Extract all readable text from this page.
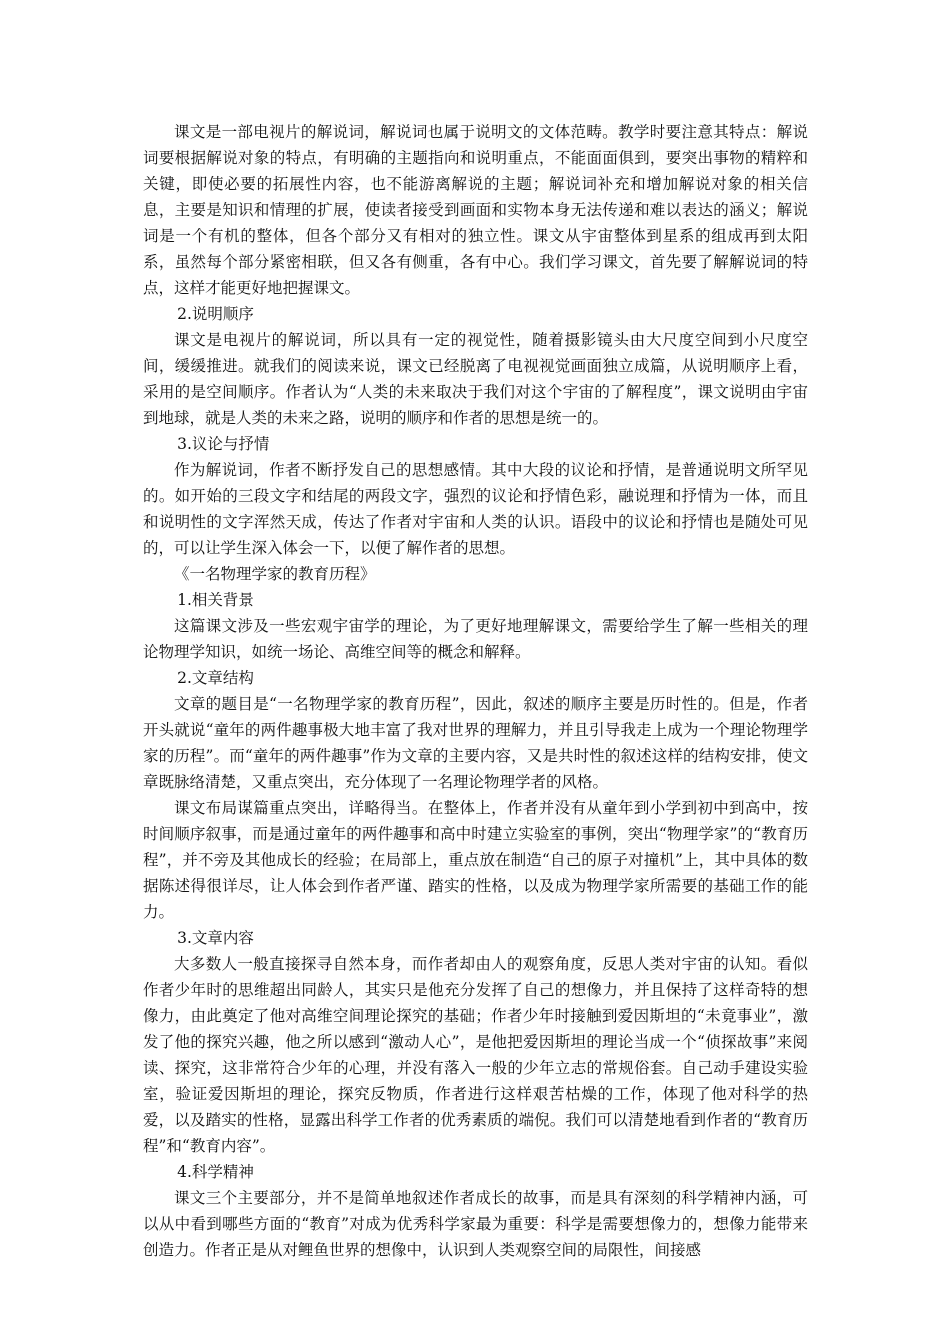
课文是一部电视片的解说词，解说词也属于说明文的文体范畴。教学时要注意其特点：解说词要根据解说对象的特点，有明确的主题指向和说明重点，不能面面俱到，要突出事物的精粹和关键，即使必要的拓展性内容，也不能游离解说的主题；解说词补充和增加解说对象的相关信息，主要是知识和情理的扩展，使读者接受到画面和实物本身无法传递和难以表达的涵义；解说词是一个有机的整体，但各个部分又有相对的独立性。课文从宇宙整体到星系的组成再到太阳系，虽然每个部分紧密相联，但又各有侧重，各有中心。我们学习课文，首先要了解解说词的特点，这样才能更好地把握课文。

2.说明顺序

课文是电视片的解说词，所以具有一定的视觉性，随着摄影镜头由大尺度空间到小尺度空间，缓缓推进。就我们的阅读来说，课文已经脱离了电视视觉画面独立成篇，从说明顺序上看，采用的是空间顺序。作者认为“人类的未来取决于我们对这个宇宙的了解程度”，课文说明由宇宙到地球，就是人类的未来之路，说明的顺序和作者的思想是统一的。

3.议论与抒情

作为解说词，作者不断抒发自己的思想感情。其中大段的议论和抒情，是普通说明文所罕见的。如开始的三段文字和结尾的两段文字，强烈的议论和抒情色彩，融说理和抒情为一体，而且和说明性的文字浑然天成，传达了作者对宇宙和人类的认识。语段中的议论和抒情也是随处可见的，可以让学生深入体会一下，以便了解作者的思想。

《一名物理学家的教育历程》

1.相关背景

这篇课文涉及一些宏观宇宙学的理论，为了更好地理解课文，需要给学生了解一些相关的理论物理学知识，如统一场论、高维空间等的概念和解释。

2.文章结构

文章的题目是“一名物理学家的教育历程”，因此，叙述的顺序主要是历时性的。但是，作者开头就说“童年的两件趣事极大地丰富了我对世界的理解力，并且引导我走上成为一个理论物理学家的历程”。而“童年的两件趣事”作为文章的主要内容，又是共时性的叙述这样的结构安排，使文章既脉络清楚，又重点突出，充分体现了一名理论物理学者的风格。

课文布局谋篇重点突出，详略得当。在整体上，作者并没有从童年到小学到初中到高中，按时间顺序叙事，而是通过童年的两件趣事和高中时建立实验室的事例，突出“物理学家”的“教育历程”，并不旁及其他成长的经验；在局部上，重点放在制造“自己的原子对撞机”上，其中具体的数据陈述得很详尽，让人体会到作者严谨、踏实的性格，以及成为物理学家所需要的基础工作的能力。

3.文章内容

大多数人一般直接探寻自然本身，而作者却由人的观察角度，反思人类对宇宙的认知。看似作者少年时的思维超出同龄人，其实只是他充分发挥了自己的想像力，并且保持了这样奇特的想像力，由此奠定了他对高维空间理论探究的基础；作者少年时接触到爱因斯坦的“未竟事业”，激发了他的探究兴趣，他之所以感到“激动人心”，是他把爱因斯坦的理论当成一个“侦探故事”来阅读、探究，这非常符合少年的心理，并没有落入一般的少年立志的常规俗套。自己动手建设实验室，验证爱因斯坦的理论，探究反物质，作者进行这样艰苦枯燥的工作，体现了他对科学的热爱，以及踏实的性格，显露出科学工作者的优秀素质的端倪。我们可以清楚地看到作者的“教育历程”和“教育内容”。

4.科学精神

课文三个主要部分，并不是简单地叙述作者成长的故事，而是具有深刻的科学精神内涵，可以从中看到哪些方面的“教育”对成为优秀科学家最为重要：科学是需要想像力的，想像力能带来创造力。作者正是从对鲤鱼世界的想像中，认识到人类观察空间的局限性，间接感
